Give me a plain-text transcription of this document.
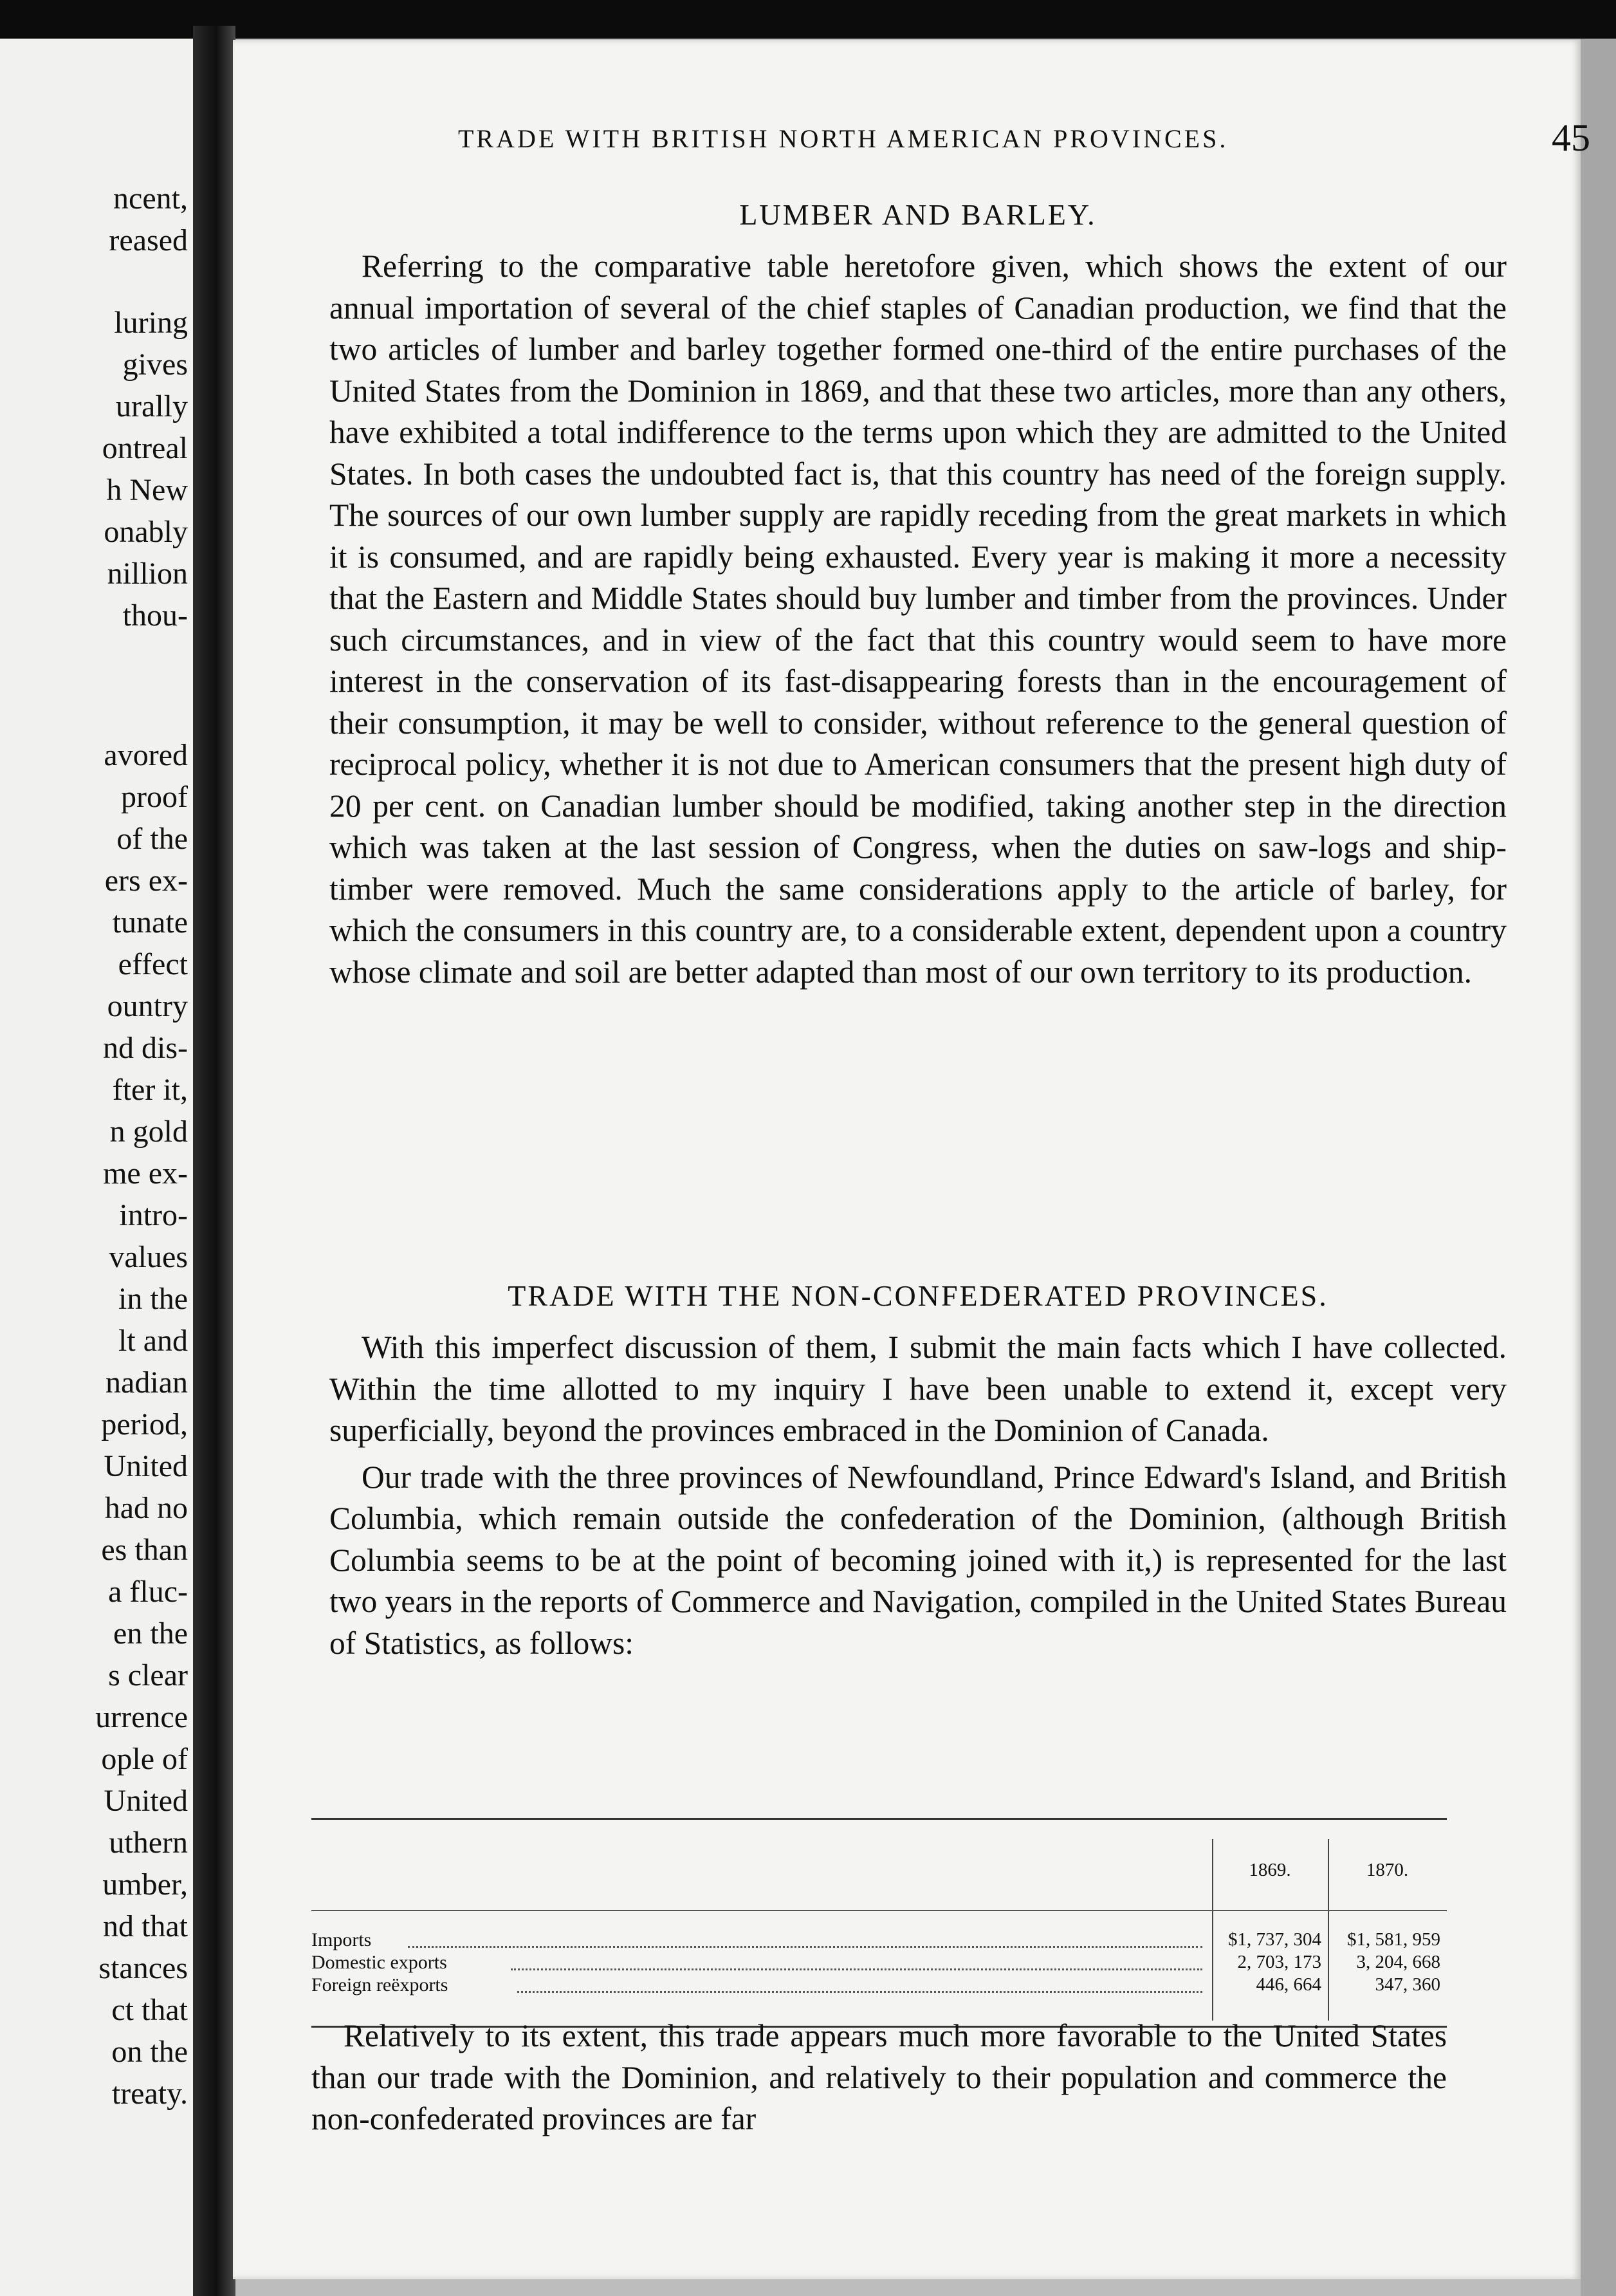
ncent,
reased
luring
gives
urally
ontreal
h New
onably
nillion
thou-
avored
proof
of the
ers ex-
tunate
effect
ountry
nd dis-
fter it,
n gold
me ex-
intro-
values
in the
lt and
nadian
period,
United
had no
es than
a fluc-
en the
s clear
urrence
ople of
United
uthern
umber,
nd that
stances
ct that
on the
treaty.
TRADE WITH BRITISH NORTH AMERICAN PROVINCES.	45
LUMBER AND BARLEY.

Referring to the comparative table heretofore given, which shows the extent of our annual importation of several of the chief staples of Canadian production, we find that the two articles of lumber and barley together formed one-third of the entire purchases of the United States from the Dominion in 1869, and that these two articles, more than any others, have exhibited a total indifference to the terms upon which they are admitted to the United States. In both cases the undoubted fact is, that this country has need of the foreign supply. The sources of our own lumber supply are rapidly receding from the great markets in which it is consumed, and are rapidly being exhausted. Every year is making it more a necessity that the Eastern and Middle States should buy lumber and timber from the provinces. Under such circumstances, and in view of the fact that this country would seem to have more interest in the conservation of its fast-disappearing forests than in the encouragement of their consumption, it may be well to consider, without reference to the general question of reciprocal policy, whether it is not due to American consumers that the present high duty of 20 per cent. on Canadian lumber should be modified, taking another step in the direction which was taken at the last session of Congress, when the duties on saw-logs and ship-timber were removed. Much the same considerations apply to the article of barley, for which the consumers in this country are, to a considerable extent, dependent upon a country whose climate and soil are better adapted than most of our own territory to its production.

TRADE WITH THE NON-CONFEDERATED PROVINCES.

With this imperfect discussion of them, I submit the main facts which I have collected. Within the time allotted to my inquiry I have been unable to extend it, except very superficially, beyond the provinces embraced in the Dominion of Canada.

Our trade with the three provinces of Newfoundland, Prince Edward's Island, and British Columbia, which remain outside the confederation of the Dominion, (although British Columbia seems to be at the point of becoming joined with it,) is represented for the last two years in the reports of Commerce and Navigation, compiled in the United States Bureau of Statistics, as follows:

1869.	1870.
Imports	$1, 737, 304	$1, 581, 959
Domestic exports	2, 703, 173	3, 204, 668
Foreign reëxports	446, 664	347, 360

Relatively to its extent, this trade appears much more favorable to the United States than our trade with the Dominion, and relatively to their population and commerce the non-confederated provinces are far
